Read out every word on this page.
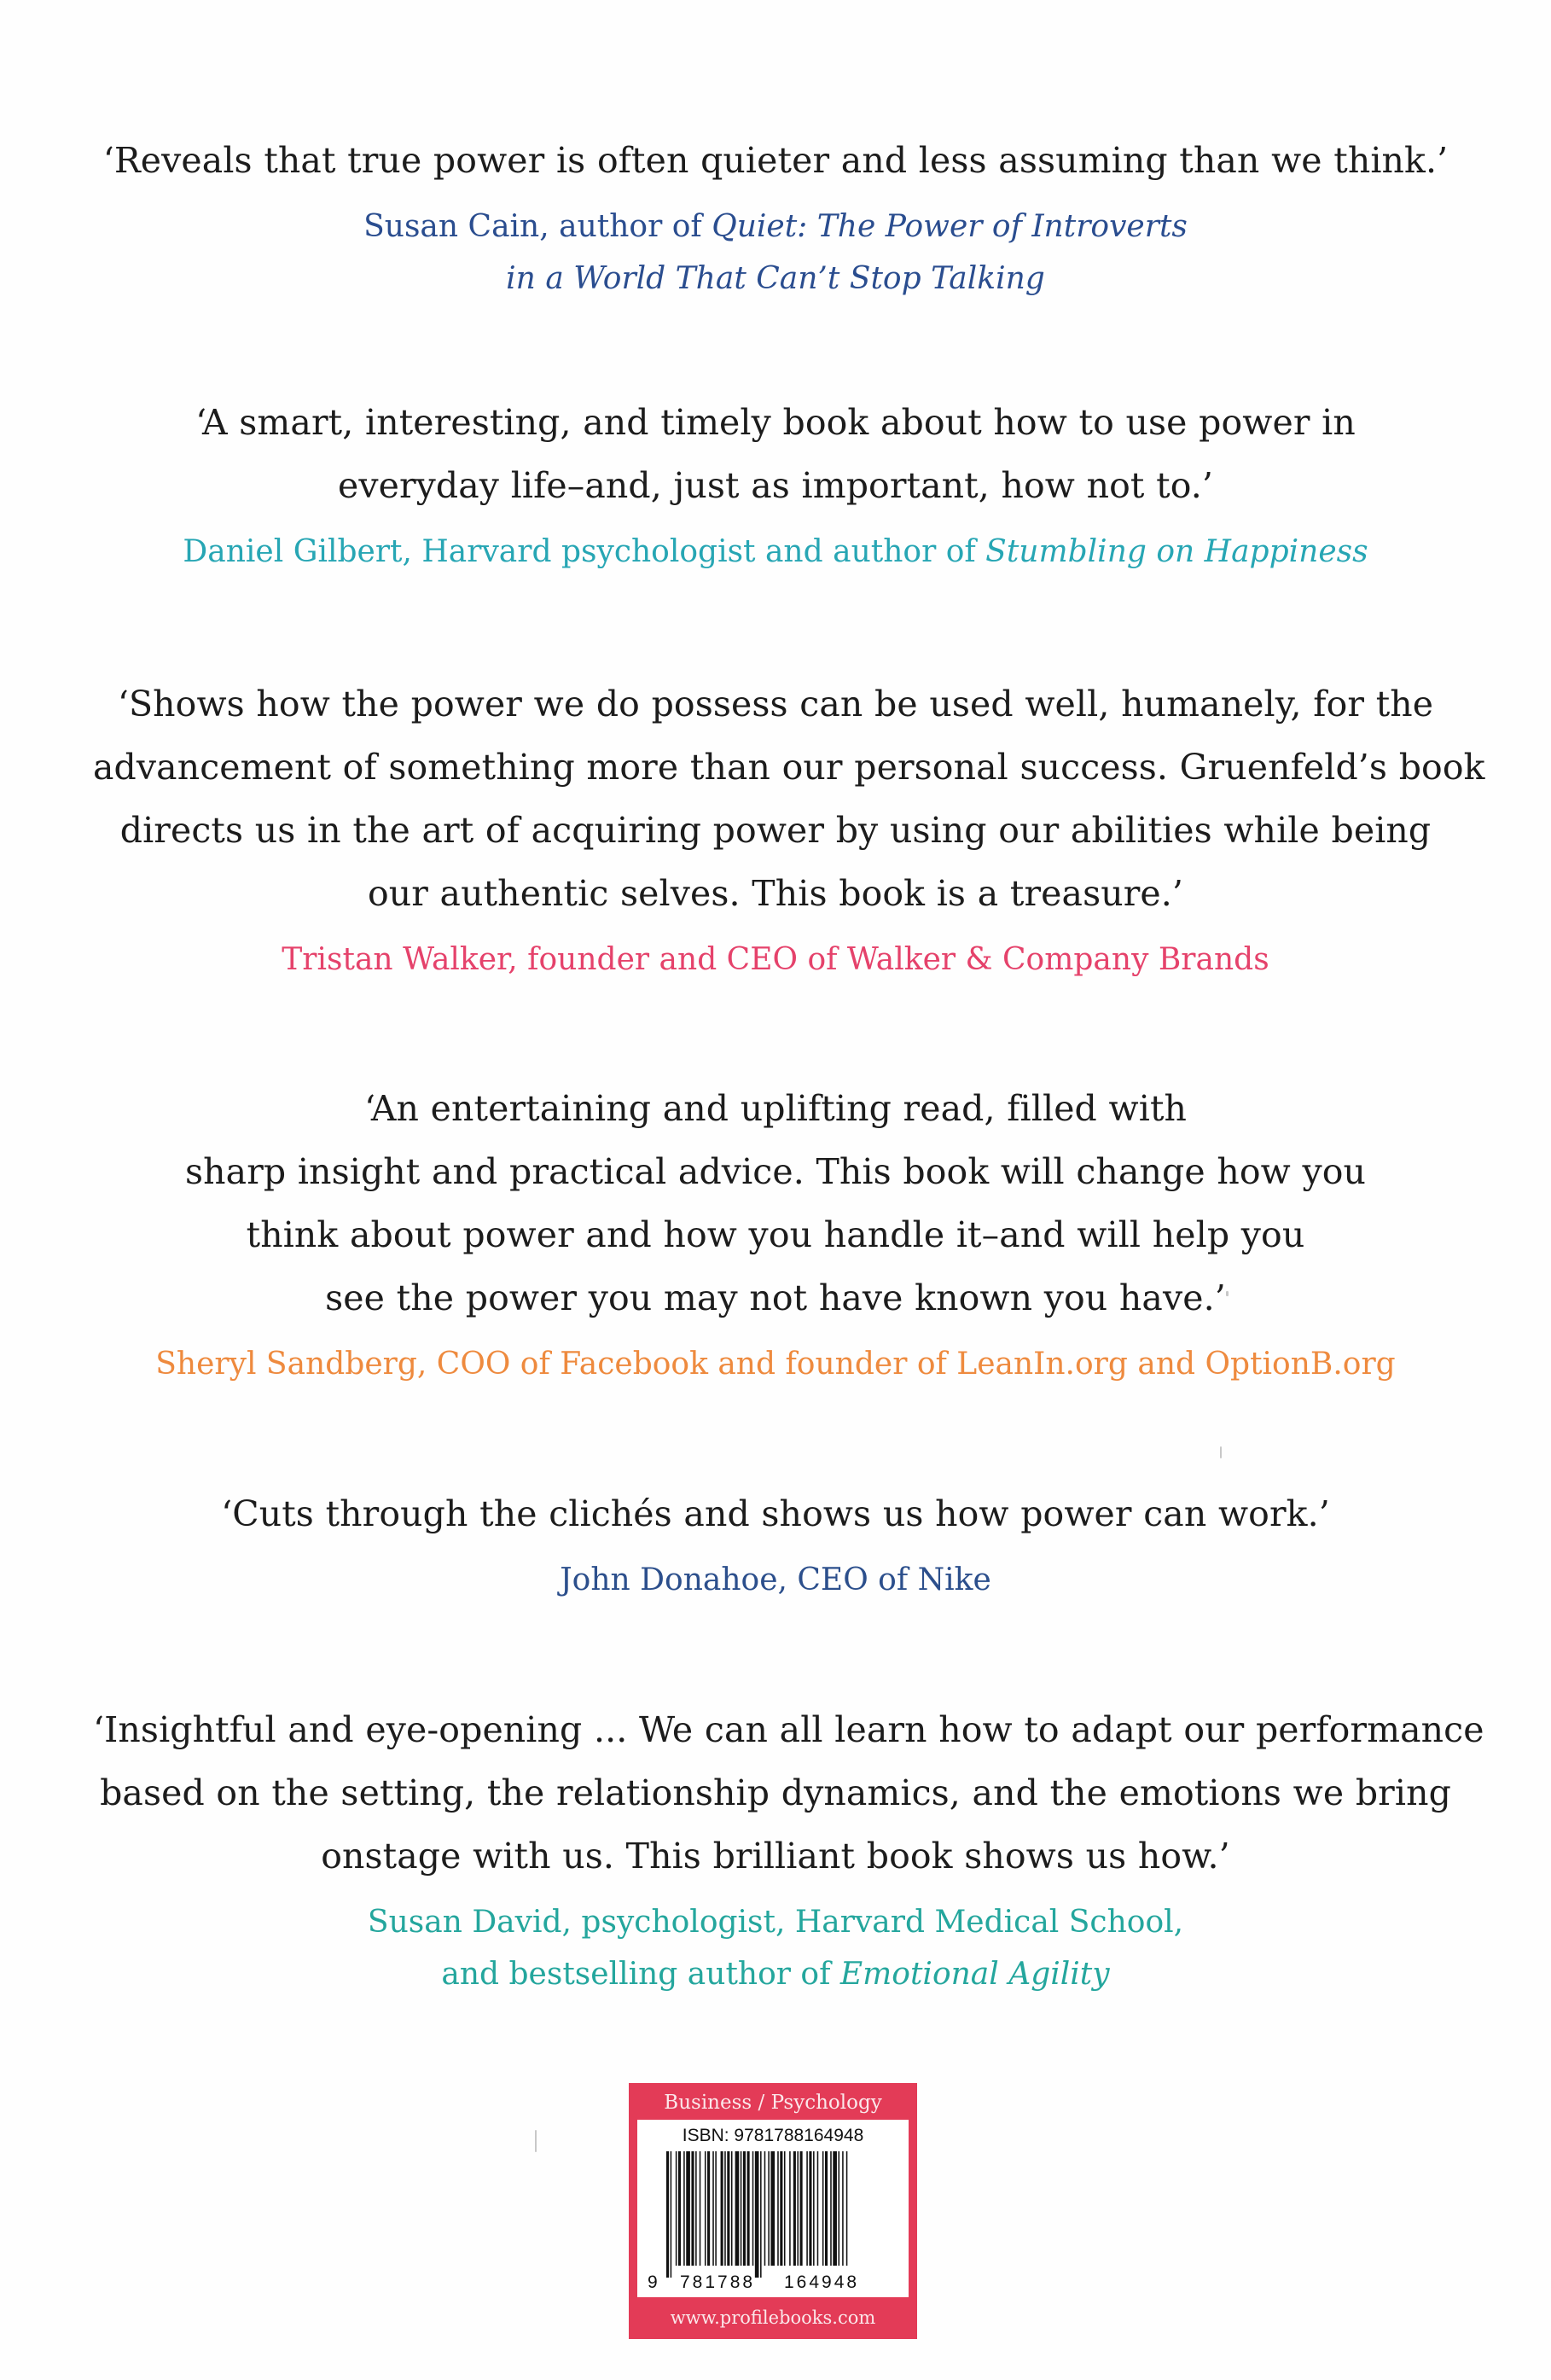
‘Reveals that true power is often quieter and less assuming than we think.’

Susan Cain, author of Quiet: The Power of Introverts
in a World That Can’t Stop Talking

‘A smart, interesting, and timely book about how to use power in
everyday life–and, just as important, how not to.’

Daniel Gilbert, Harvard psychologist and author of Stumbling on Happiness

‘Shows how the power we do possess can be used well, humanely, for the
advancement of something more than our personal success. Gruenfeld’s book
directs us in the art of acquiring power by using our abilities while being
our authentic selves. This book is a treasure.’

Tristan Walker, founder and CEO of Walker & Company Brands

‘An entertaining and uplifting read, filled with
sharp insight and practical advice. This book will change how you
think about power and how you handle it–and will help you
see the power you may not have known you have.’

Sheryl Sandberg, COO of Facebook and founder of LeanIn.org and OptionB.org

‘Cuts through the clichés and shows us how power can work.’

John Donahoe, CEO of Nike

‘Insightful and eye-opening ... We can all learn how to adapt our performance
based on the setting, the relationship dynamics, and the emotions we bring
onstage with us. This brilliant book shows us how.’

Susan David, psychologist, Harvard Medical School,
and bestselling author of Emotional Agility

Business / Psychology
ISBN: 9781788164948
9 781788 164948
www.profilebooks.com
